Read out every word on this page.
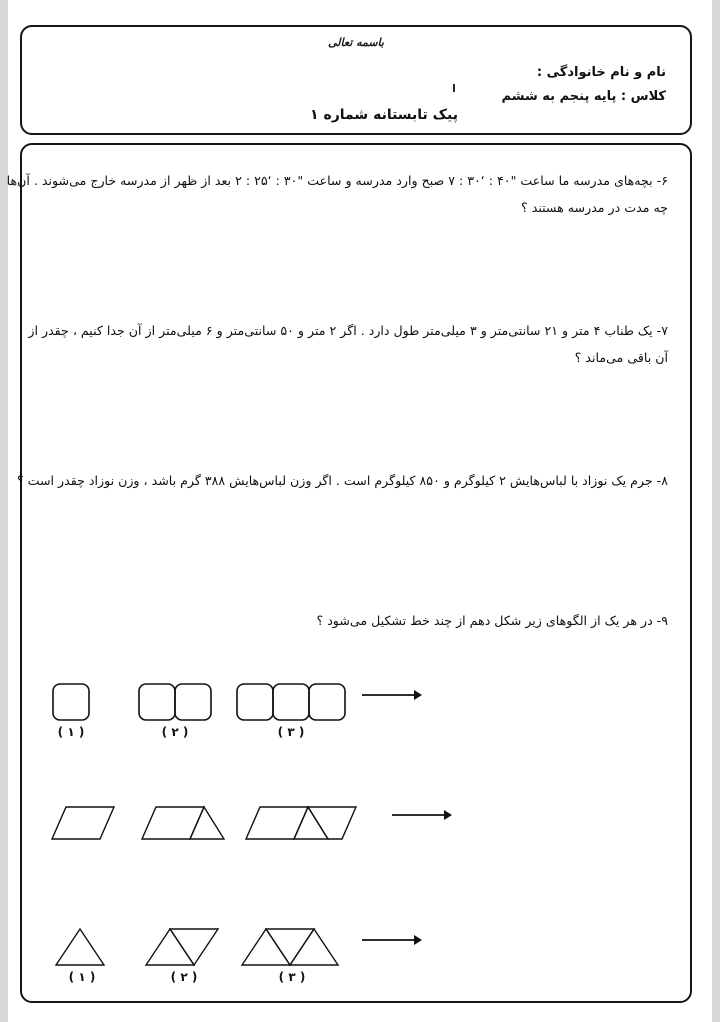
باسمه تعالی
نام و نام خانوادگی :
کلاس : پایه پنجم به ششم
پیک تابستانه شماره ۱
۶- بچه‌های مدرسه ما ساعت "۴۰ : ‘۳۰ : ۷ صبح وارد مدرسه و ساعت "۳۰ : ‘۲۵ : ۲ بعد از ظهر از مدرسه خارج می‌شوند . آن‌ها
چه مدت در مدرسه هستند ؟
۷- یک طناب ۴ متر و ۲۱ سانتی‌متر و ۳ میلی‌متر طول دارد . اگر ۲ متر و ۵۰ سانتی‌متر و ۶ میلی‌متر از آن جدا کنیم ، چقدر از
آن باقی می‌ماند ؟
۸- جرم یک نوزاد با لباس‌هایش ۲ کیلوگرم و ۸۵۰ کیلوگرم است . اگر وزن لباس‌هایش ۳۸۸ گرم باشد ، وزن نوزاد چقدر است ؟
۹- در هر یک از الگوهای زیر شکل دهم از چند خط تشکیل می‌شود ؟
( ۱ )	( ۲ )	( ۳ )
( ۱ )	( ۲ )	( ۳ )
